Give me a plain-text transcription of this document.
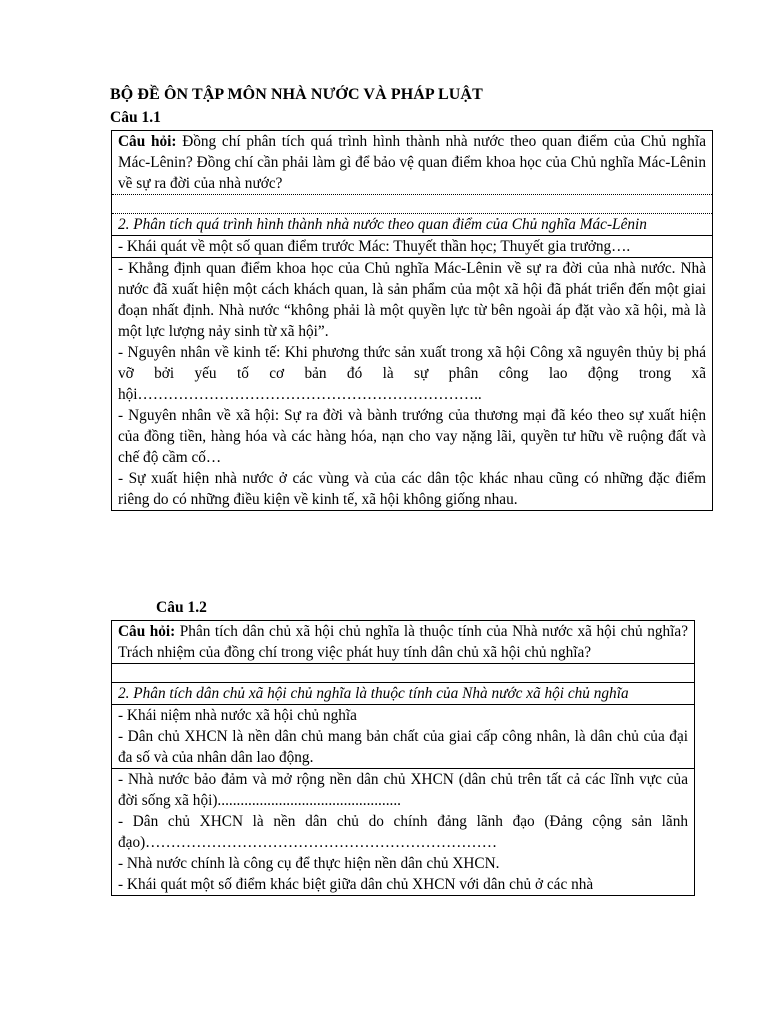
BỘ ĐỀ ÔN TẬP MÔN NHÀ NƯỚC VÀ PHÁP LUẬT
Câu 1.1
Câu hỏi: Đồng chí phân tích quá trình hình thành nhà nước theo quan điểm của Chủ nghĩa Mác-Lênin? Đồng chí cần phải làm gì để bảo vệ quan điểm khoa học của Chủ nghĩa Mác-Lênin về sự ra đời của nhà nước?

2. Phân tích quá trình hình thành nhà nước theo quan điểm của Chủ nghĩa Mác-Lênin

- Khái quát về một số quan điểm trước Mác: Thuyết thần học; Thuyết gia trưởng….

- Khẳng định quan điểm khoa học của Chủ nghĩa Mác-Lênin về sự ra đời của nhà nước. Nhà nước đã xuất hiện một cách khách quan, là sản phẩm của một xã hội đã phát triển đến một giai đoạn nhất định. Nhà nước “không phải là một quyền lực từ bên ngoài áp đặt vào xã hội, mà là một lực lượng nảy sinh từ xã hội”.

- Nguyên nhân về kinh tế: Khi phương thức sản xuất trong xã hội Công xã nguyên thủy bị phá vỡ bởi yếu tố cơ bản đó là sự phân công lao động trong xã hội…………………………………………………………..

- Nguyên nhân về xã hội: Sự ra đời và bành trướng của thương mại đã kéo theo sự xuất hiện của đồng tiền, hàng hóa và các hàng hóa, nạn cho vay nặng lãi, quyền tư hữu về ruộng đất và chế độ cầm cố…

- Sự xuất hiện nhà nước ở các vùng và của các dân tộc khác nhau cũng có những đặc điểm riêng do có những điều kiện về kinh tế, xã hội không giống nhau.

Câu 1.2
Câu hỏi: Phân tích dân chủ xã hội chủ nghĩa là thuộc tính của Nhà nước xã hội chủ nghĩa? Trách nhiệm của đồng chí trong việc phát huy tính dân chủ xã hội chủ nghĩa?

2. Phân tích dân chủ xã hội chủ nghĩa là thuộc tính của Nhà nước xã hội chủ nghĩa

- Khái niệm nhà nước xã hội chủ nghĩa

- Dân chủ XHCN là nền dân chủ mang bản chất của giai cấp công nhân, là dân chủ của đại đa số và của nhân dân lao động.

- Nhà nước bảo đảm và mở rộng nền dân chủ XHCN (dân chủ trên tất cả các lĩnh vực của đời sống xã hội)................................................

- Dân chủ XHCN là nền dân chủ do chính đảng lãnh đạo (Đảng cộng sản lãnh đạo)……………………………………………………………

- Nhà nước chính là công cụ để thực hiện nền dân chủ XHCN.

- Khái quát một số điểm khác biệt giữa dân chủ XHCN với dân chủ ở các nhà
